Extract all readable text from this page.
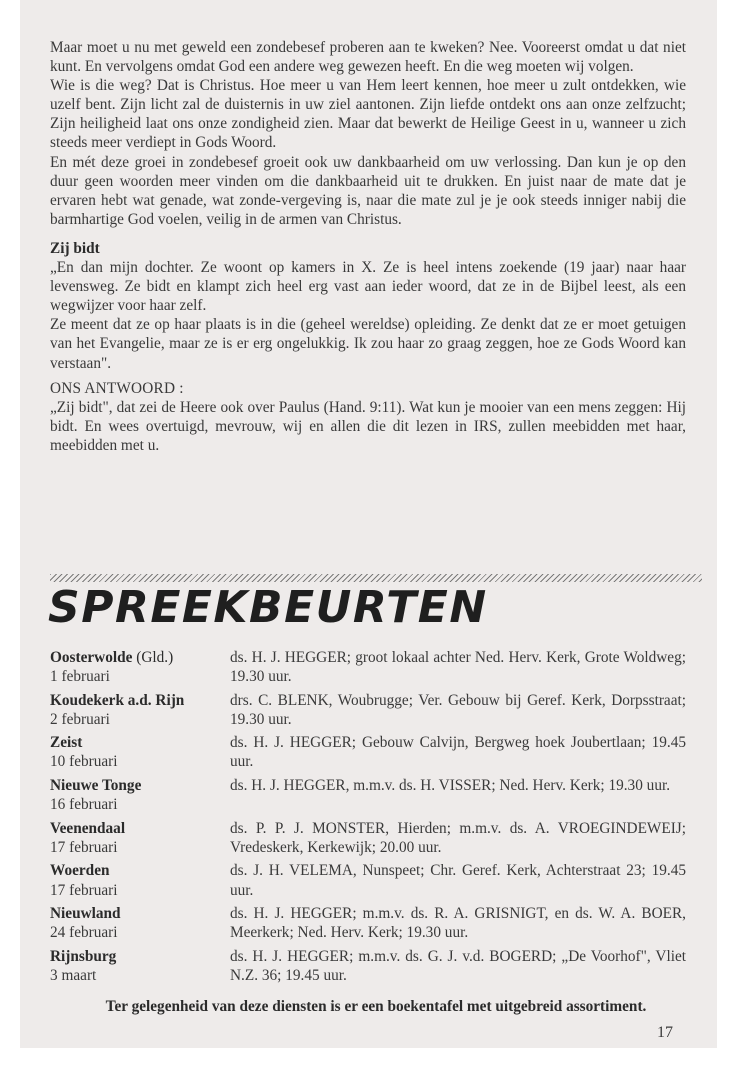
Maar moet u nu met geweld een zondebesef proberen aan te kweken? Nee. Vooreerst omdat u dat niet kunt. En vervolgens omdat God een andere weg gewezen heeft. En die weg moeten wij volgen.

Wie is die weg? Dat is Christus. Hoe meer u van Hem leert kennen, hoe meer u zult ontdekken, wie uzelf bent. Zijn licht zal de duisternis in uw ziel aantonen. Zijn liefde ontdekt ons aan onze zelfzucht; Zijn heiligheid laat ons onze zondigheid zien. Maar dat bewerkt de Heilige Geest in u, wanneer u zich steeds meer verdiept in Gods Woord.

En mét deze groei in zondebesef groeit ook uw dankbaarheid om uw verlossing. Dan kun je op den duur geen woorden meer vinden om die dankbaarheid uit te drukken. En juist naar de mate dat je ervaren hebt wat genade, wat zonde-vergeving is, naar die mate zul je je ook steeds inniger nabij die barmhartige God voelen, veilig in de armen van Christus.

Zij bidt

„En dan mijn dochter. Ze woont op kamers in X. Ze is heel intens zoekende (19 jaar) naar haar levensweg. Ze bidt en klampt zich heel erg vast aan ieder woord, dat ze in de Bijbel leest, als een wegwijzer voor haar zelf.

Ze meent dat ze op haar plaats is in die (geheel wereldse) opleiding. Ze denkt dat ze er moet getuigen van het Evangelie, maar ze is er erg ongelukkig. Ik zou haar zo graag zeggen, hoe ze Gods Woord kan verstaan".

ONS ANTWOORD :

„Zij bidt", dat zei de Heere ook over Paulus (Hand. 9:11). Wat kun je mooier van een mens zeggen: Hij bidt. En wees overtuigd, mevrouw, wij en allen die dit lezen in IRS, zullen meebidden met haar, meebidden met u.

SPREEKBEURTEN
Oosterwolde (Gld.)
1 februari
ds. H. J. HEGGER; groot lokaal achter Ned. Herv. Kerk, Grote Woldweg; 19.30 uur.
Koudekerk a.d. Rijn
2 februari
drs. C. BLENK, Woubrugge; Ver. Gebouw bij Geref. Kerk, Dorpsstraat; 19.30 uur.
Zeist
10 februari
ds. H. J. HEGGER; Gebouw Calvijn, Bergweg hoek Joubertlaan; 19.45 uur.
Nieuwe Tonge
16 februari
ds. H. J. HEGGER, m.m.v. ds. H. VISSER; Ned. Herv. Kerk; 19.30 uur.
Veenendaal
17 februari
ds. P. P. J. MONSTER, Hierden; m.m.v. ds. A. VROEGINDEWEIJ; Vredeskerk, Kerkewijk; 20.00 uur.
Woerden
17 februari
ds. J. H. VELEMA, Nunspeet; Chr. Geref. Kerk, Achterstraat 23; 19.45 uur.
Nieuwland
24 februari
ds. H. J. HEGGER; m.m.v. ds. R. A. GRISNIGT, en ds. W. A. BOER, Meerkerk; Ned. Herv. Kerk; 19.30 uur.
Rijnsburg
3 maart
ds. H. J. HEGGER; m.m.v. ds. G. J. v.d. BOGERD; „De Voorhof", Vliet N.Z. 36; 19.45 uur.
Ter gelegenheid van deze diensten is er een boekentafel met uitgebreid assortiment.
17
